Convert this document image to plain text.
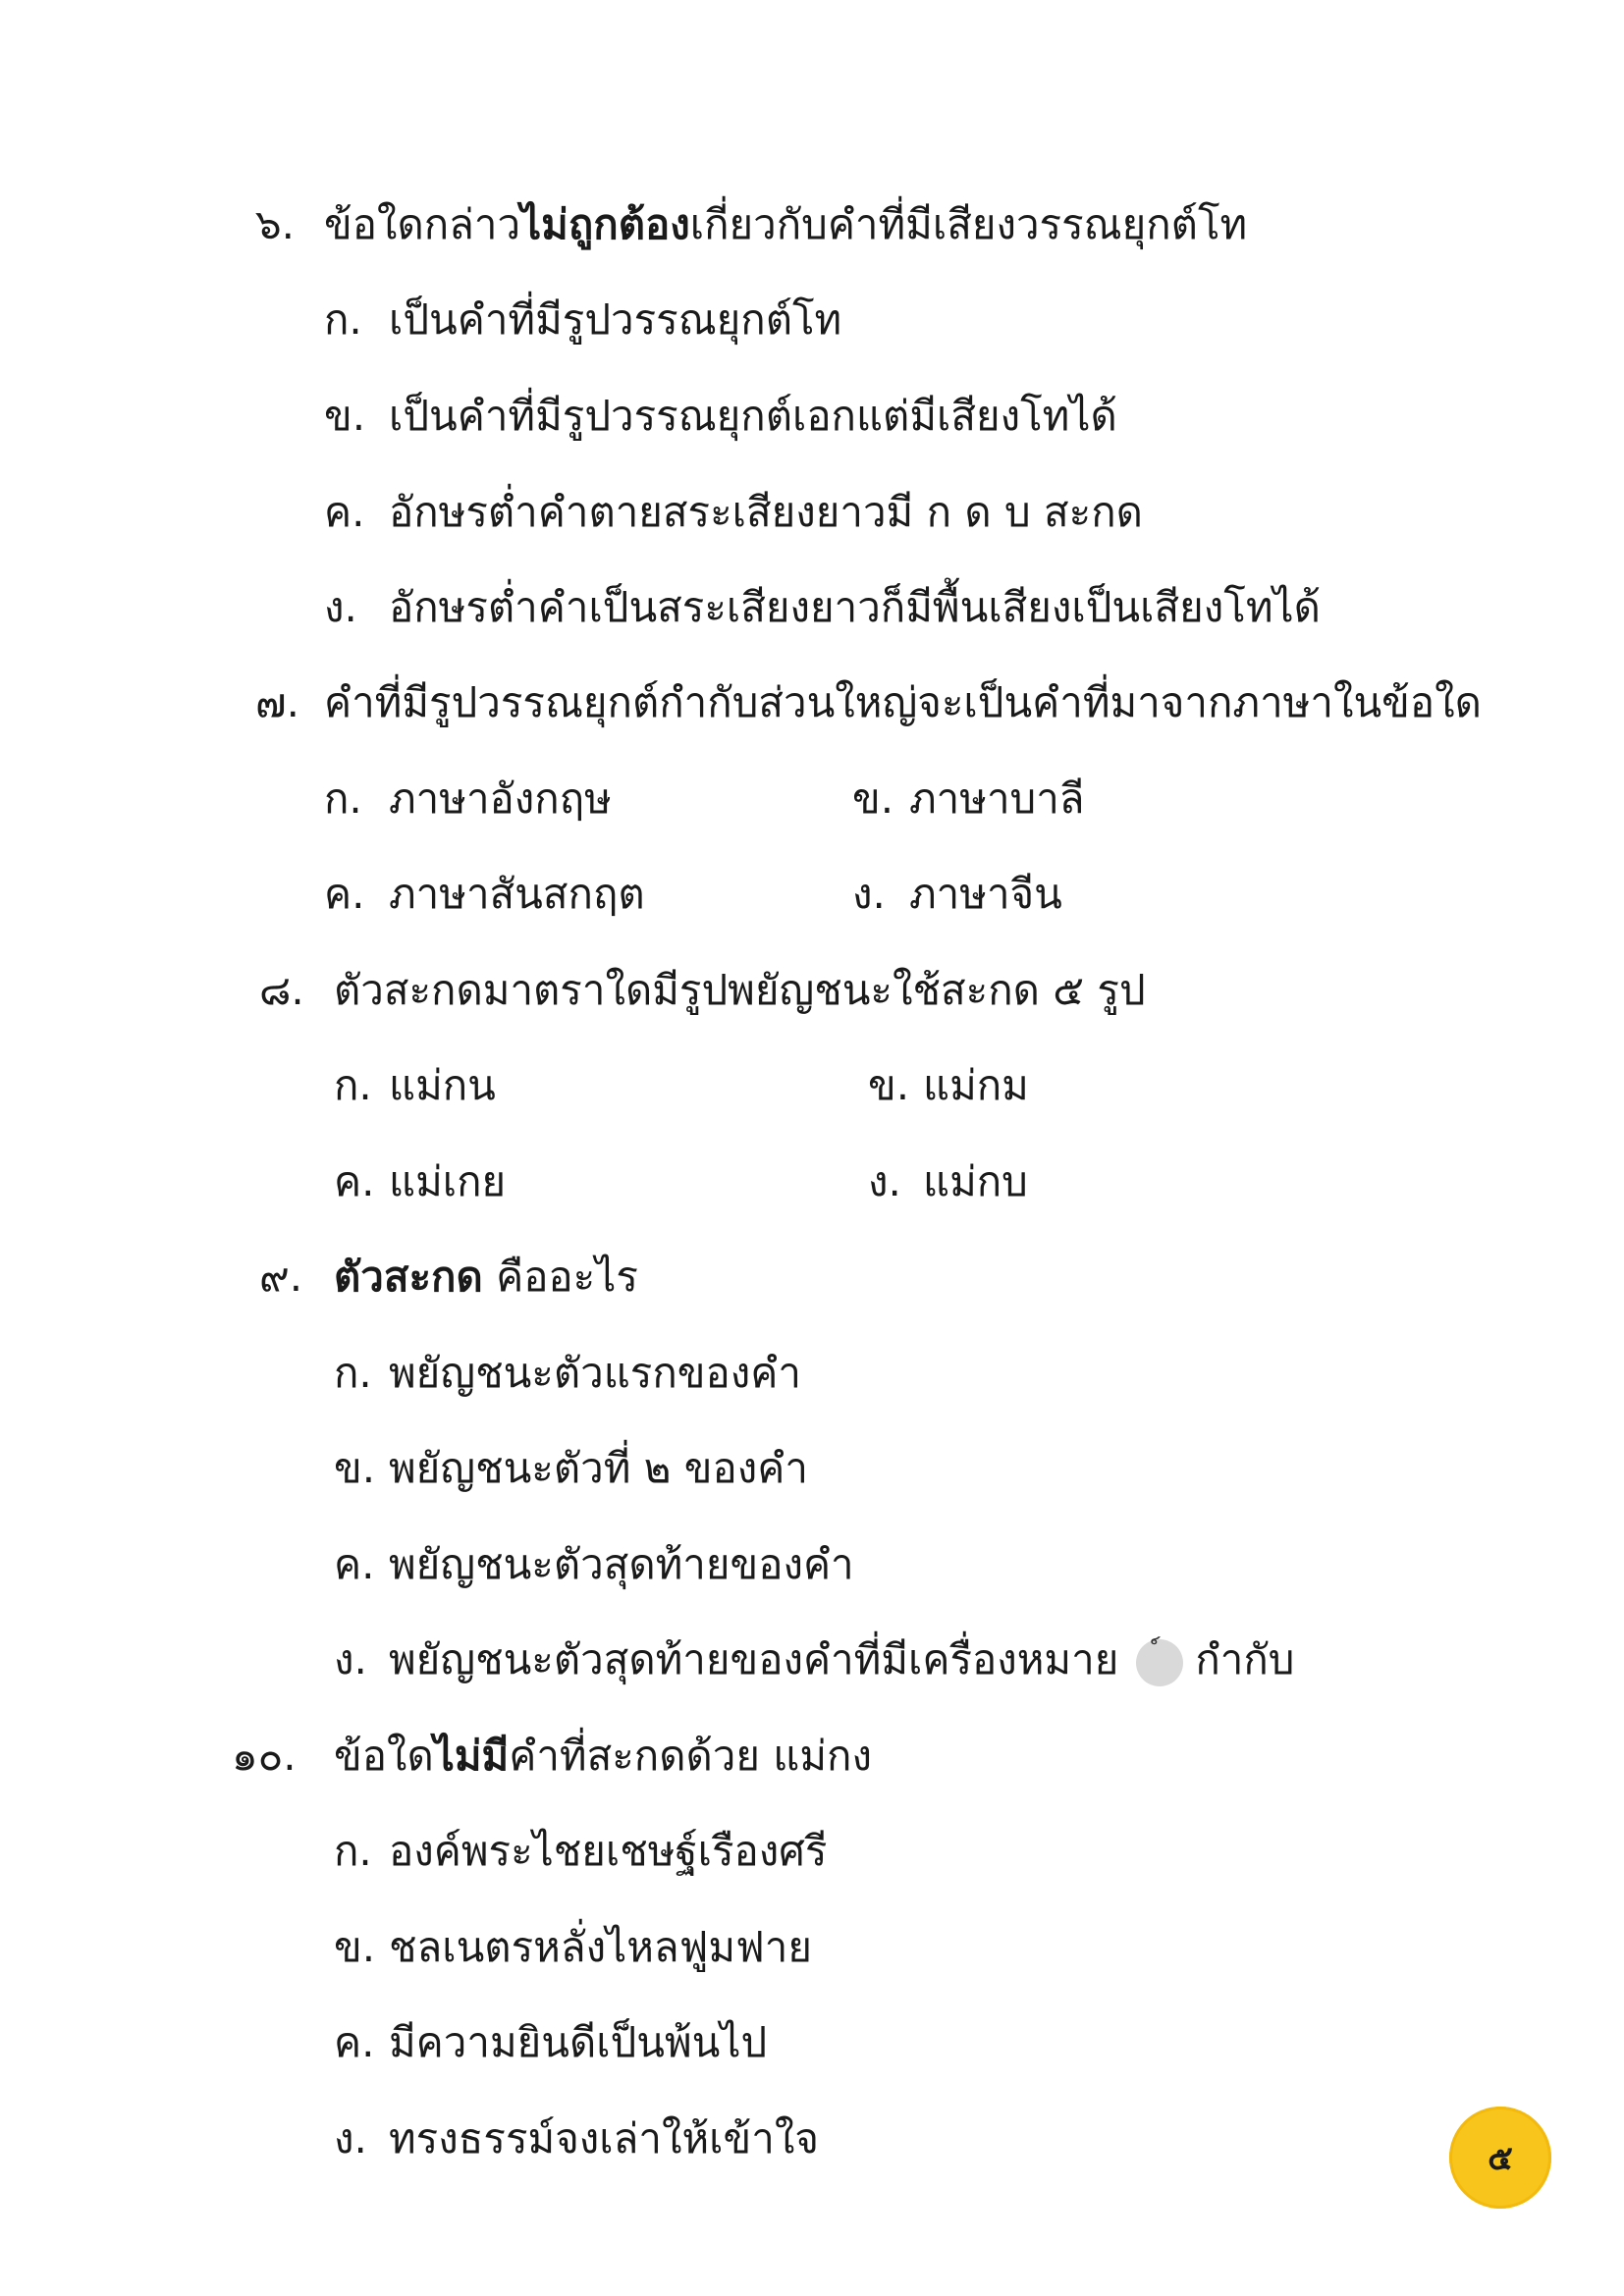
๖. ข้อใดกล่าวไม่ถูกต้องเกี่ยวกับคำที่มีเสียงวรรณยุกต์โท
ก. เป็นคำที่มีรูปวรรณยุกต์โท
ข. เป็นคำที่มีรูปวรรณยุกต์เอกแต่มีเสียงโทได้
ค. อักษรต่ำคำตายสระเสียงยาวมี ก ด บ สะกด
ง. อักษรต่ำคำเป็นสระเสียงยาวก็มีพื้นเสียงเป็นเสียงโทได้
๗. คำที่มีรูปวรรณยุกต์กำกับส่วนใหญ่จะเป็นคำที่มาจากภาษาในข้อใด
ก. ภาษาอังกฤษ	ข. ภาษาบาลี
ค. ภาษาสันสกฤต	ง. ภาษาจีน
๘. ตัวสะกดมาตราใดมีรูปพยัญชนะใช้สะกด ๕ รูป
ก. แม่กน	ข. แม่กม
ค. แม่เกย	ง. แม่กบ
๙. ตัวสะกด คืออะไร
ก. พยัญชนะตัวแรกของคำ
ข. พยัญชนะตัวที่ ๒ ของคำ
ค. พยัญชนะตัวสุดท้ายของคำ
ง. พยัญชนะตัวสุดท้ายของคำที่มีเครื่องหมาย กำกับ
๑๐. ข้อใดไม่มีคำที่สะกดด้วย แม่กง
ก. องค์พระไชยเชษฐ์เรืองศรี
ข. ชลเนตรหลั่งไหลฟูมฟาย
ค. มีความยินดีเป็นพ้นไป
ง. ทรงธรรม์จงเล่าให้เข้าใจ	๕
